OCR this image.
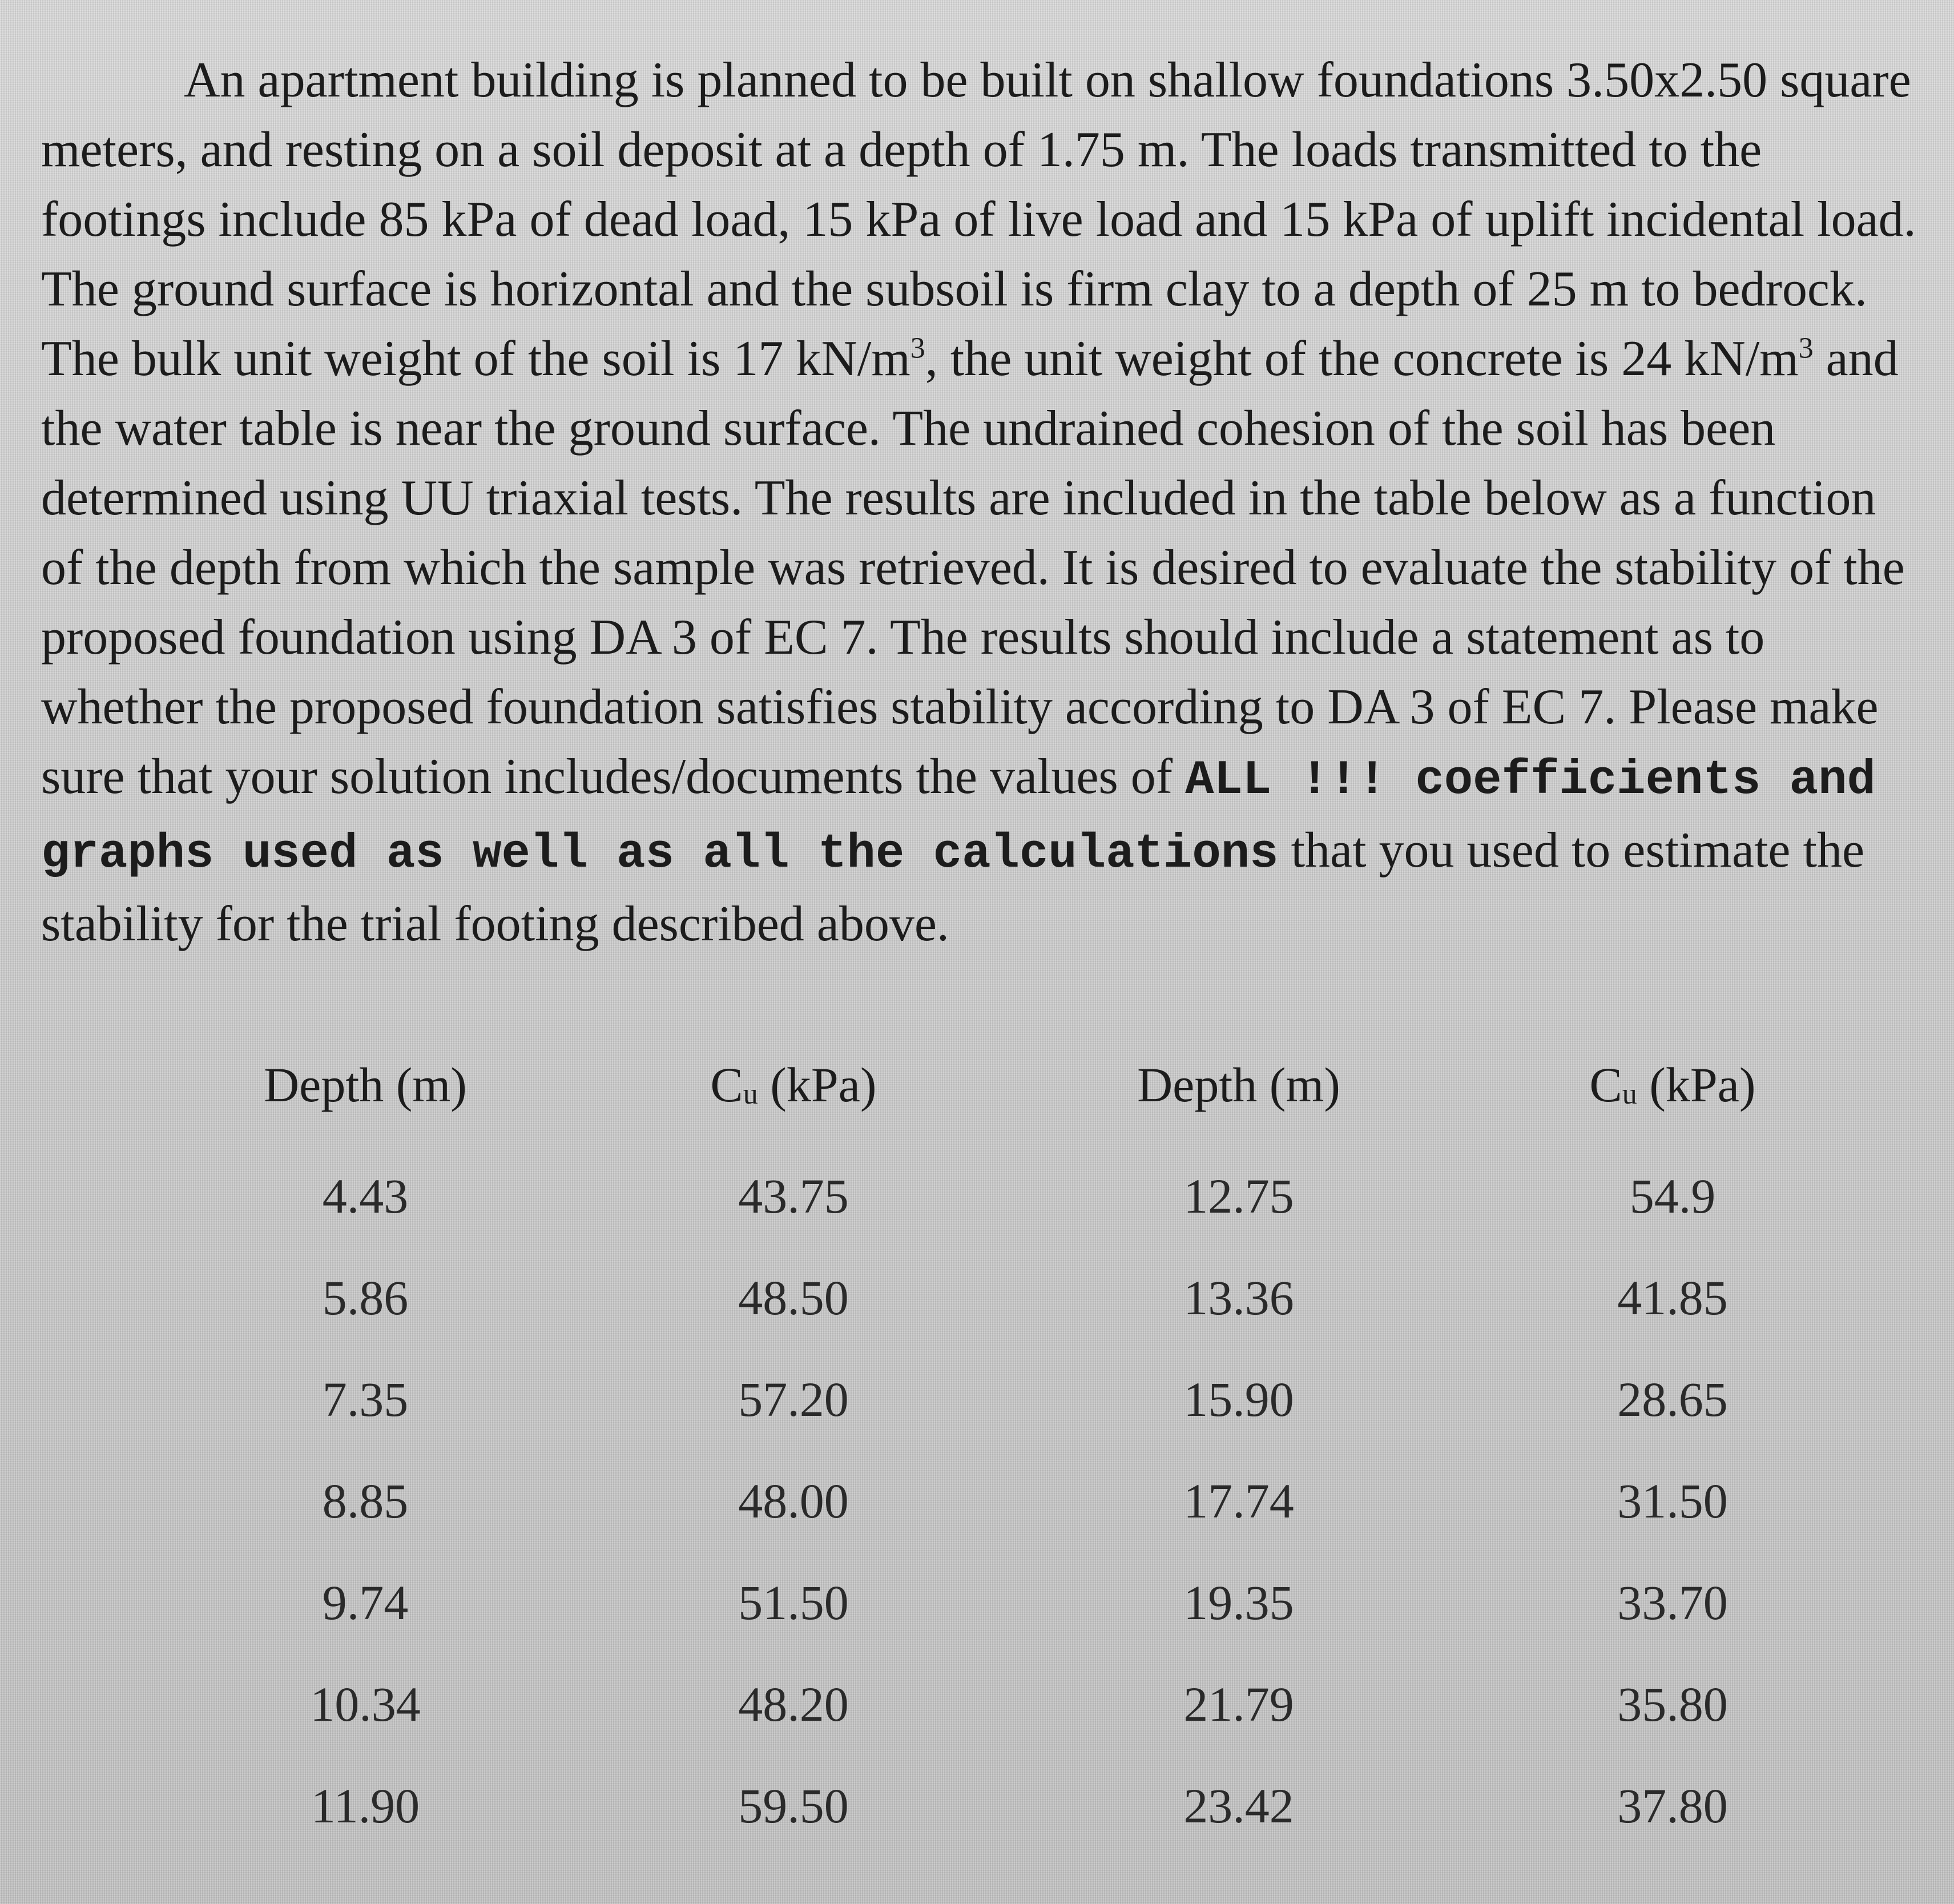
An apartment building is planned to be built on shallow foundations 3.50x2.50 square meters, and resting on a soil deposit at a depth of 1.75 m. The loads transmitted to the footings include 85 kPa of dead load, 15 kPa of live load and 15 kPa of uplift incidental load. The ground surface is horizontal and the subsoil is firm clay to a depth of 25 m to bedrock. The bulk unit weight of the soil is 17 $kN/m^3$, the unit weight of the concrete is 24 $kN/m^3$ and the water table is near the ground surface. The undrained cohesion of the soil has been determined using UU triaxial tests. The results are included in the table below as a function of the depth from which the sample was retrieved. It is desired to evaluate the stability of the proposed foundation using DA 3 of EC 7. The results should include a statement as to whether the proposed foundation satisfies stability according to DA 3 of EC 7. Please make sure that your solution includes/documents the values of ALL !!! coefficients and graphs used as well as all the calculations that you used to estimate the stability for the trial footing described above.

Depth (m)	$C_u$ (kPa)	Depth (m)	$C_u$ (kPa)
4.43	43.75	12.75	54.9
5.86	48.50	13.36	41.85
7.35	57.20	15.90	28.65
8.85	48.00	17.74	31.50
9.74	51.50	19.35	33.70
10.34	48.20	21.79	35.80
11.90	59.50	23.42	37.80
